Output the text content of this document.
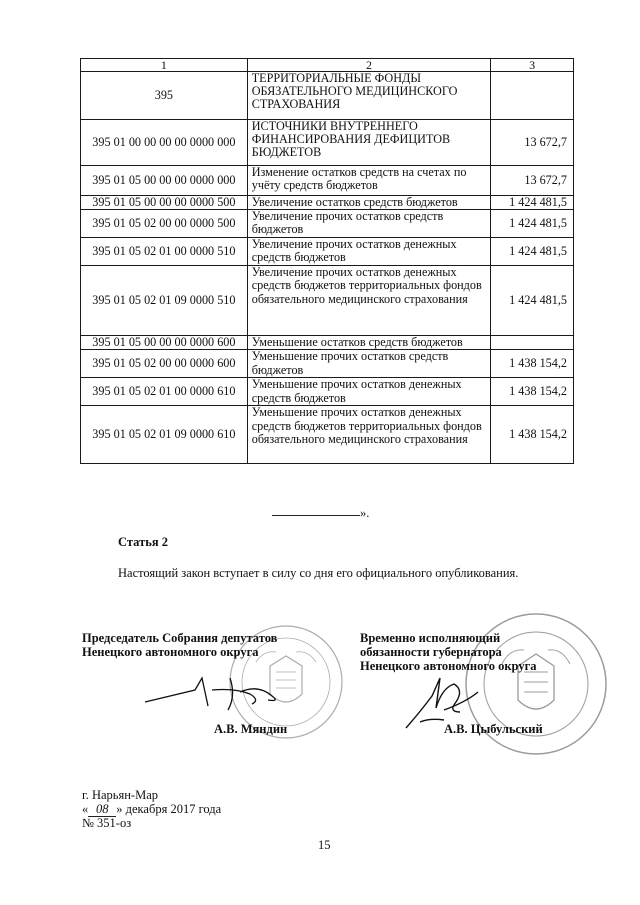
1	2	3
395	ТЕРРИТОРИАЛЬНЫЕ ФОНДЫ ОБЯЗАТЕЛЬНОГО МЕДИЦИНСКОГО СТРАХОВАНИЯ	
395 01 00 00 00 00 0000 000	ИСТОЧНИКИ ВНУТРЕННЕГО ФИНАНСИРОВАНИЯ ДЕФИЦИТОВ БЮДЖЕТОВ	13 672,7
395 01 05 00 00 00 0000 000	Изменение остатков средств на счетах по учёту средств бюджетов	13 672,7
395 01 05 00 00 00 0000 500	Увеличение остатков средств бюджетов	1 424 481,5
395 01 05 02 00 00 0000 500	Увеличение прочих остатков средств бюджетов	1 424 481,5
395 01 05 02 01 00 0000 510	Увеличение прочих остатков денежных средств бюджетов	1 424 481,5
395 01 05 02 01 09 0000 510	Увеличение прочих остатков денежных средств бюджетов территориальных фондов обязательного медицинского страхования	1 424 481,5
395 01 05 00 00 00 0000 600	Уменьшение остатков средств бюджетов	
395 01 05 02 00 00 0000 600	Уменьшение прочих остатков средств бюджетов	1 438 154,2
395 01 05 02 01 00 0000 610	Уменьшение прочих остатков денежных средств бюджетов	1 438 154,2
395 01 05 02 01 09 0000 610	Уменьшение прочих остатков денежных средств бюджетов территориальных фондов обязательного медицинского страхования	1 438 154,2
».
Статья 2
Настоящий закон вступает в силу со дня его официального опубликования.
Председатель Собрания депутатов
Ненецкого автономного округа
А.В. Мяндин
Временно исполняющий
обязанности губернатора
Ненецкого автономного округа
А.В. Цыбульский
г. Нарьян-Мар
« 08 » декабря 2017 года
№ 351-оз
15
